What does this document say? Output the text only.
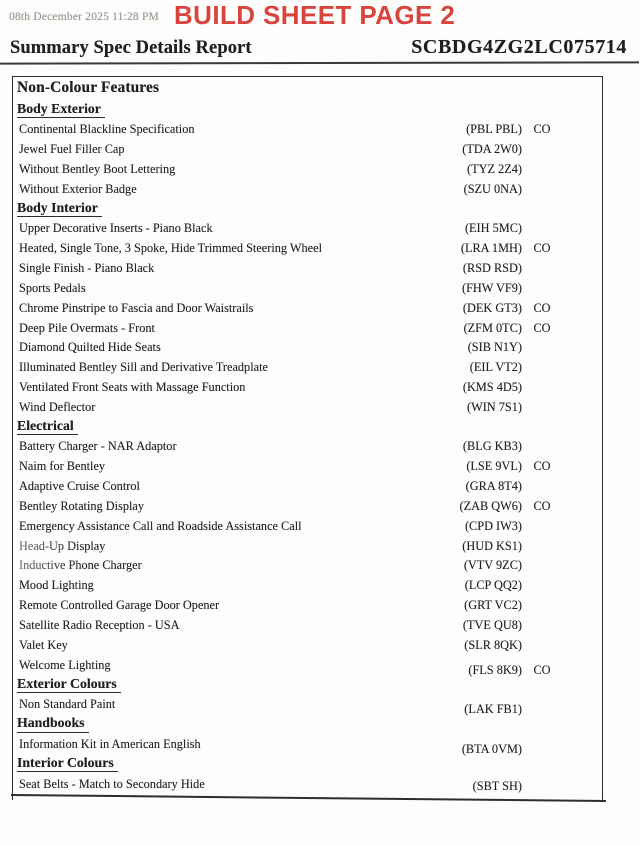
08th December 2025 11:28 PM BUILD SHEET PAGE 2
Summary Spec Details Report	SCBDG4ZG2LC075714
Non-Colour Features
Body Exterior
Continental Blackline Specification	(PBL PBL) CO
Jewel Fuel Filler Cap	(TDA 2W0)
Without Bentley Boot Lettering	(TYZ 2Z4)
Without Exterior Badge	(SZU 0NA)
Body Interior
Upper Decorative Inserts - Piano Black	(EIH 5MC)
Heated, Single Tone, 3 Spoke, Hide Trimmed Steering Wheel	(LRA 1MH) CO
Single Finish - Piano Black	(RSD RSD)
Sports Pedals	(FHW VF9)
Chrome Pinstripe to Fascia and Door Waistrails	(DEK GT3) CO
Deep Pile Overmats - Front	(ZFM 0TC) CO
Diamond Quilted Hide Seats	(SIB N1Y)
Illuminated Bentley Sill and Derivative Treadplate	(EIL VT2)
Ventilated Front Seats with Massage Function	(KMS 4D5)
Wind Deflector	(WIN 7S1)
Electrical
Battery Charger - NAR Adaptor	(BLG KB3)
Naim for Bentley	(LSE 9VL) CO
Adaptive Cruise Control	(GRA 8T4)
Bentley Rotating Display	(ZAB QW6) CO
Emergency Assistance Call and Roadside Assistance Call	(CPD IW3)
Head-Up Display	(HUD KS1)
Inductive Phone Charger	(VTV 9ZC)
Mood Lighting	(LCP QQ2)
Remote Controlled Garage Door Opener	(GRT VC2)
Satellite Radio Reception - USA	(TVE QU8)
Valet Key	(SLR 8QK)
Welcome Lighting	(FLS 8K9) CO
Exterior Colours
Non Standard Paint	(LAK FB1)
Handbooks
Information Kit in American English	(BTA 0VM)
Interior Colours
Seat Belts - Match to Secondary Hide	(SBT SH)
